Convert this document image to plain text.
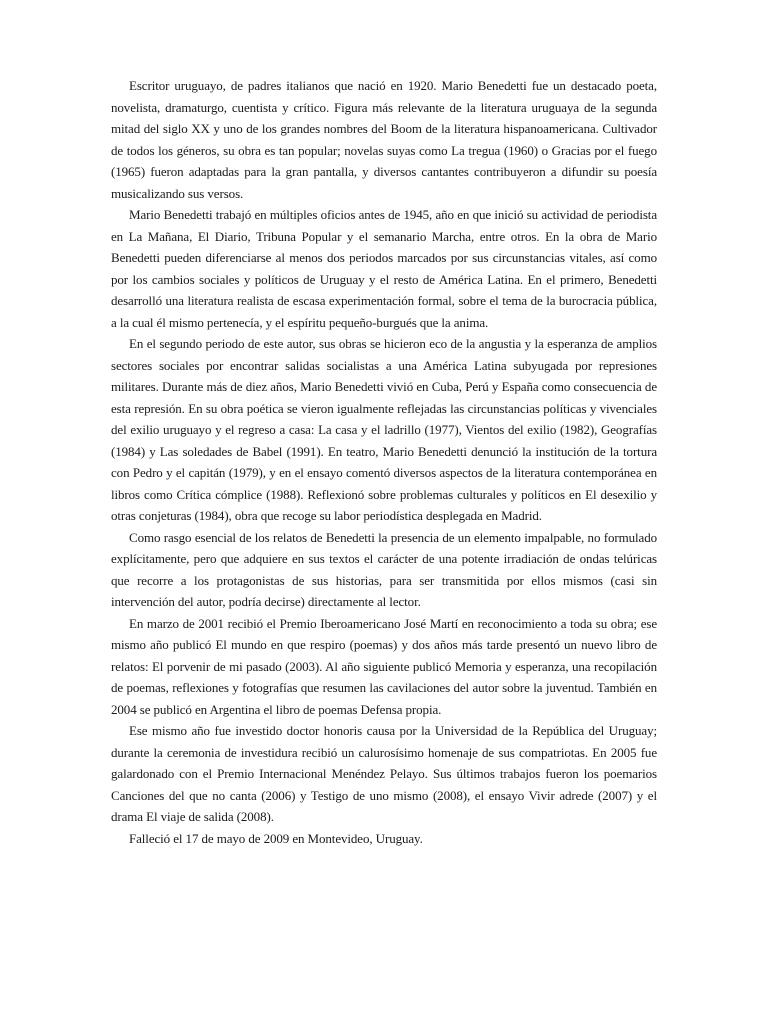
Escritor uruguayo, de padres italianos que nació en 1920. Mario Benedetti fue un destacado poeta, novelista, dramaturgo, cuentista y crítico. Figura más relevante de la literatura uruguaya de la segunda mitad del siglo XX y uno de los grandes nombres del Boom de la literatura hispanoamericana. Cultivador de todos los géneros, su obra es tan popular; novelas suyas como La tregua (1960) o Gracias por el fuego (1965) fueron adaptadas para la gran pantalla, y diversos cantantes contribuyeron a difundir su poesía musicalizando sus versos.

Mario Benedetti trabajó en múltiples oficios antes de 1945, año en que inició su actividad de periodista en La Mañana, El Diario, Tribuna Popular y el semanario Marcha, entre otros. En la obra de Mario Benedetti pueden diferenciarse al menos dos periodos marcados por sus circunstancias vitales, así como por los cambios sociales y políticos de Uruguay y el resto de América Latina. En el primero, Benedetti desarrolló una literatura realista de escasa experimentación formal, sobre el tema de la burocracia pública, a la cual él mismo pertenecía, y el espíritu pequeño-burgués que la anima.

En el segundo periodo de este autor, sus obras se hicieron eco de la angustia y la esperanza de amplios sectores sociales por encontrar salidas socialistas a una América Latina subyugada por represiones militares. Durante más de diez años, Mario Benedetti vivió en Cuba, Perú y España como consecuencia de esta represión. En su obra poética se vieron igualmente reflejadas las circunstancias políticas y vivenciales del exilio uruguayo y el regreso a casa: La casa y el ladrillo (1977), Vientos del exilio (1982), Geografías (1984) y Las soledades de Babel (1991). En teatro, Mario Benedetti denunció la institución de la tortura con Pedro y el capitán (1979), y en el ensayo comentó diversos aspectos de la literatura contemporánea en libros como Crítica cómplice (1988). Reflexionó sobre problemas culturales y políticos en El desexilio y otras conjeturas (1984), obra que recoge su labor periodística desplegada en Madrid.

Como rasgo esencial de los relatos de Benedetti la presencia de un elemento impalpable, no formulado explícitamente, pero que adquiere en sus textos el carácter de una potente irradiación de ondas telúricas que recorre a los protagonistas de sus historias, para ser transmitida por ellos mismos (casi sin intervención del autor, podría decirse) directamente al lector.

En marzo de 2001 recibió el Premio Iberoamericano José Martí en reconocimiento a toda su obra; ese mismo año publicó El mundo en que respiro (poemas) y dos años más tarde presentó un nuevo libro de relatos: El porvenir de mi pasado (2003). Al año siguiente publicó Memoria y esperanza, una recopilación de poemas, reflexiones y fotografías que resumen las cavilaciones del autor sobre la juventud. También en 2004 se publicó en Argentina el libro de poemas Defensa propia.

Ese mismo año fue investido doctor honoris causa por la Universidad de la República del Uruguay; durante la ceremonia de investidura recibió un calurosísimo homenaje de sus compatriotas. En 2005 fue galardonado con el Premio Internacional Menéndez Pelayo. Sus últimos trabajos fueron los poemarios Canciones del que no canta (2006) y Testigo de uno mismo (2008), el ensayo Vivir adrede (2007) y el drama El viaje de salida (2008).

Falleció el 17 de mayo de 2009 en Montevideo, Uruguay.
